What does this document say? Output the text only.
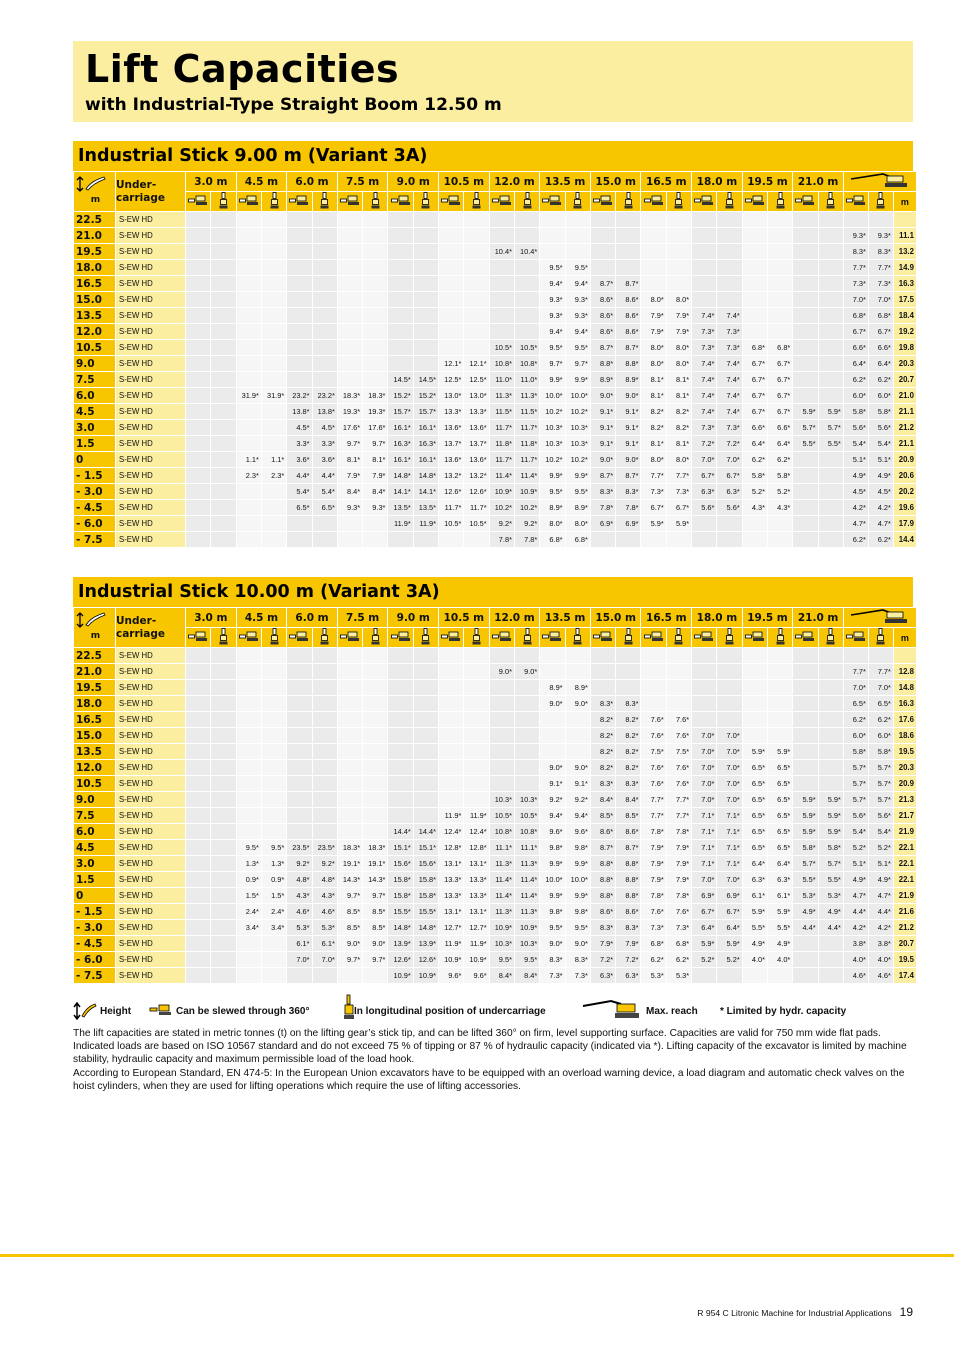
Lift Capacities
with Industrial-Type Straight Boom 12.50 m
Industrial Stick 9.00 m (Variant 3A)
m	Under-
carriage	3.0 m		4.5 m		6.0 m		7.5 m		9.0 m		10.5 m		12.0 m		13.5 m		15.0 m		16.5 m		18.0 m		19.5 m		21.0 m	
																												m
22.5	S-EW HD																													
21.0	S-EW HD																											9.3*	9.3*	11.1
19.5	S-EW HD													10.4*	10.4*													8.3*	8.3*	13.2
18.0	S-EW HD															9.5*	9.5*											7.7*	7.7*	14.9
16.5	S-EW HD															9.4*	9.4*	8.7*	8.7*									7.3*	7.3*	16.3
15.0	S-EW HD															9.3*	9.3*	8.6*	8.6*	8.0*	8.0*							7.0*	7.0*	17.5
13.5	S-EW HD															9.3*	9.3*	8.6*	8.6*	7.9*	7.9*	7.4*	7.4*					6.8*	6.8*	18.4
12.0	S-EW HD															9.4*	9.4*	8.6*	8.6*	7.9*	7.9*	7.3*	7.3*					6.7*	6.7*	19.2
10.5	S-EW HD													10.5*	10.5*	9.5*	9.5*	8.7*	8.7*	8.0*	8.0*	7.3*	7.3*	6.8*	6.8*			6.6*	6.6*	19.8
9.0	S-EW HD											12.1*	12.1*	10.8*	10.8*	9.7*	9.7*	8.8*	8.8*	8.0*	8.0*	7.4*	7.4*	6.7*	6.7*			6.4*	6.4*	20.3
7.5	S-EW HD									14.5*	14.5*	12.5*	12.5*	11.0*	11.0*	9.9*	9.9*	8.9*	8.9*	8.1*	8.1*	7.4*	7.4*	6.7*	6.7*			6.2*	6.2*	20.7
6.0	S-EW HD			31.9*	31.9*	23.2*	23.2*	18.3*	18.3*	15.2*	15.2*	13.0*	13.0*	11.3*	11.3*	10.0*	10.0*	9.0*	9.0*	8.1*	8.1*	7.4*	7.4*	6.7*	6.7*			6.0*	6.0*	21.0
4.5	S-EW HD					13.8*	13.8*	19.3*	19.3*	15.7*	15.7*	13.3*	13.3*	11.5*	11.5*	10.2*	10.2*	9.1*	9.1*	8.2*	8.2*	7.4*	7.4*	6.7*	6.7*	5.9*	5.9*	5.8*	5.8*	21.1
3.0	S-EW HD					4.5*	4.5*	17.6*	17.6*	16.1*	16.1*	13.6*	13.6*	11.7*	11.7*	10.3*	10.3*	9.1*	9.1*	8.2*	8.2*	7.3*	7.3*	6.6*	6.6*	5.7*	5.7*	5.6*	5.6*	21.2
1.5	S-EW HD					3.3*	3.3*	9.7*	9.7*	16.3*	16.3*	13.7*	13.7*	11.8*	11.8*	10.3*	10.3*	9.1*	9.1*	8.1*	8.1*	7.2*	7.2*	6.4*	6.4*	5.5*	5.5*	5.4*	5.4*	21.1
0	S-EW HD			1.1*	1.1*	3.6*	3.6*	8.1*	8.1*	16.1*	16.1*	13.6*	13.6*	11.7*	11.7*	10.2*	10.2*	9.0*	9.0*	8.0*	8.0*	7.0*	7.0*	6.2*	6.2*			5.1*	5.1*	20.9
- 1.5	S-EW HD			2.3*	2.3*	4.4*	4.4*	7.9*	7.9*	14.8*	14.8*	13.2*	13.2*	11.4*	11.4*	9.9*	9.9*	8.7*	8.7*	7.7*	7.7*	6.7*	6.7*	5.8*	5.8*			4.9*	4.9*	20.6
- 3.0	S-EW HD					5.4*	5.4*	8.4*	8.4*	14.1*	14.1*	12.6*	12.6*	10.9*	10.9*	9.5*	9.5*	8.3*	8.3*	7.3*	7.3*	6.3*	6.3*	5.2*	5.2*			4.5*	4.5*	20.2
- 4.5	S-EW HD					6.5*	6.5*	9.3*	9.3*	13.5*	13.5*	11.7*	11.7*	10.2*	10.2*	8.9*	8.9*	7.8*	7.8*	6.7*	6.7*	5.6*	5.6*	4.3*	4.3*			4.2*	4.2*	19.6
- 6.0	S-EW HD									11.9*	11.9*	10.5*	10.5*	9.2*	9.2*	8.0*	8.0*	6.9*	6.9*	5.9*	5.9*							4.7*	4.7*	17.9
- 7.5	S-EW HD													7.8*	7.8*	6.8*	6.8*											6.2*	6.2*	14.4
Industrial Stick 10.00 m (Variant 3A)
m	Under-
carriage	3.0 m		4.5 m		6.0 m		7.5 m		9.0 m		10.5 m		12.0 m		13.5 m		15.0 m		16.5 m		18.0 m		19.5 m		21.0 m	
																												m
22.5	S-EW HD																													
21.0	S-EW HD													9.0*	9.0*													7.7*	7.7*	12.8
19.5	S-EW HD															8.9*	8.9*											7.0*	7.0*	14.8
18.0	S-EW HD															9.0*	9.0*	8.3*	8.3*									6.5*	6.5*	16.3
16.5	S-EW HD																	8.2*	8.2*	7.6*	7.6*							6.2*	6.2*	17.6
15.0	S-EW HD																	8.2*	8.2*	7.6*	7.6*	7.0*	7.0*					6.0*	6.0*	18.6
13.5	S-EW HD																	8.2*	8.2*	7.5*	7.5*	7.0*	7.0*	5.9*	5.9*			5.8*	5.8*	19.5
12.0	S-EW HD															9.0*	9.0*	8.2*	8.2*	7.6*	7.6*	7.0*	7.0*	6.5*	6.5*			5.7*	5.7*	20.3
10.5	S-EW HD															9.1*	9.1*	8.3*	8.3*	7.6*	7.6*	7.0*	7.0*	6.5*	6.5*			5.7*	5.7*	20.9
9.0	S-EW HD													10.3*	10.3*	9.2*	9.2*	8.4*	8.4*	7.7*	7.7*	7.0*	7.0*	6.5*	6.5*	5.9*	5.9*	5.7*	5.7*	21.3
7.5	S-EW HD											11.9*	11.9*	10.5*	10.5*	9.4*	9.4*	8.5*	8.5*	7.7*	7.7*	7.1*	7.1*	6.5*	6.5*	5.9*	5.9*	5.6*	5.6*	21.7
6.0	S-EW HD									14.4*	14.4*	12.4*	12.4*	10.8*	10.8*	9.6*	9.6*	8.6*	8.6*	7.8*	7.8*	7.1*	7.1*	6.5*	6.5*	5.9*	5.9*	5.4*	5.4*	21.9
4.5	S-EW HD			9.5*	9.5*	23.5*	23.5*	18.3*	18.3*	15.1*	15.1*	12.8*	12.8*	11.1*	11.1*	9.8*	9.8*	8.7*	8.7*	7.9*	7.9*	7.1*	7.1*	6.5*	6.5*	5.8*	5.8*	5.2*	5.2*	22.1
3.0	S-EW HD			1.3*	1.3*	9.2*	9.2*	19.1*	19.1*	15.6*	15.6*	13.1*	13.1*	11.3*	11.3*	9.9*	9.9*	8.8*	8.8*	7.9*	7.9*	7.1*	7.1*	6.4*	6.4*	5.7*	5.7*	5.1*	5.1*	22.1
1.5	S-EW HD			0.9*	0.9*	4.8*	4.8*	14.3*	14.3*	15.8*	15.8*	13.3*	13.3*	11.4*	11.4*	10.0*	10.0*	8.8*	8.8*	7.9*	7.9*	7.0*	7.0*	6.3*	6.3*	5.5*	5.5*	4.9*	4.9*	22.1
0	S-EW HD			1.5*	1.5*	4.3*	4.3*	9.7*	9.7*	15.8*	15.8*	13.3*	13.3*	11.4*	11.4*	9.9*	9.9*	8.8*	8.8*	7.8*	7.8*	6.9*	6.9*	6.1*	6.1*	5.3*	5.3*	4.7*	4.7*	21.9
- 1.5	S-EW HD			2.4*	2.4*	4.6*	4.6*	8.5*	8.5*	15.5*	15.5*	13.1*	13.1*	11.3*	11.3*	9.8*	9.8*	8.6*	8.6*	7.6*	7.6*	6.7*	6.7*	5.9*	5.9*	4.9*	4.9*	4.4*	4.4*	21.6
- 3.0	S-EW HD			3.4*	3.4*	5.3*	5.3*	8.5*	8.5*	14.8*	14.8*	12.7*	12.7*	10.9*	10.9*	9.5*	9.5*	8.3*	8.3*	7.3*	7.3*	6.4*	6.4*	5.5*	5.5*	4.4*	4.4*	4.2*	4.2*	21.2
- 4.5	S-EW HD					6.1*	6.1*	9.0*	9.0*	13.9*	13.9*	11.9*	11.9*	10.3*	10.3*	9.0*	9.0*	7.9*	7.9*	6.8*	6.8*	5.9*	5.9*	4.9*	4.9*			3.8*	3.8*	20.7
- 6.0	S-EW HD					7.0*	7.0*	9.7*	9.7*	12.6*	12.6*	10.9*	10.9*	9.5*	9.5*	8.3*	8.3*	7.2*	7.2*	6.2*	6.2*	5.2*	5.2*	4.0*	4.0*			4.0*	4.0*	19.5
- 7.5	S-EW HD									10.9*	10.9*	9.6*	9.6*	8.4*	8.4*	7.3*	7.3*	6.3*	6.3*	5.3*	5.3*							4.6*	4.6*	17.4
Height	Can be slewed through 360°	In longitudinal position of undercarriage	Max. reach * Limited by hydr. capacity

The lift capacities are stated in metric tonnes (t) on the lifting gear’s stick tip, and can be lifted 360° on firm, level supporting surface. Capacities are valid for 750 mm wide flat pads. Indicated loads are based on ISO 10567 standard and do not exceed 75 % of tipping or 87 % of hydraulic capacity (indicated via *). Lifting capacity of the excavator is limited by machine stability, hydraulic capacity and maximum permissible load of the load hook.

According to European Standard, EN 474-5: In the European Union excavators have to be equipped with an overload warning device, a load diagram and automatic check valves on the hoist cylinders, when they are used for lifting operations which require the use of lifting accessories.

R 954 C Litronic Machine for Industrial Applications 19
